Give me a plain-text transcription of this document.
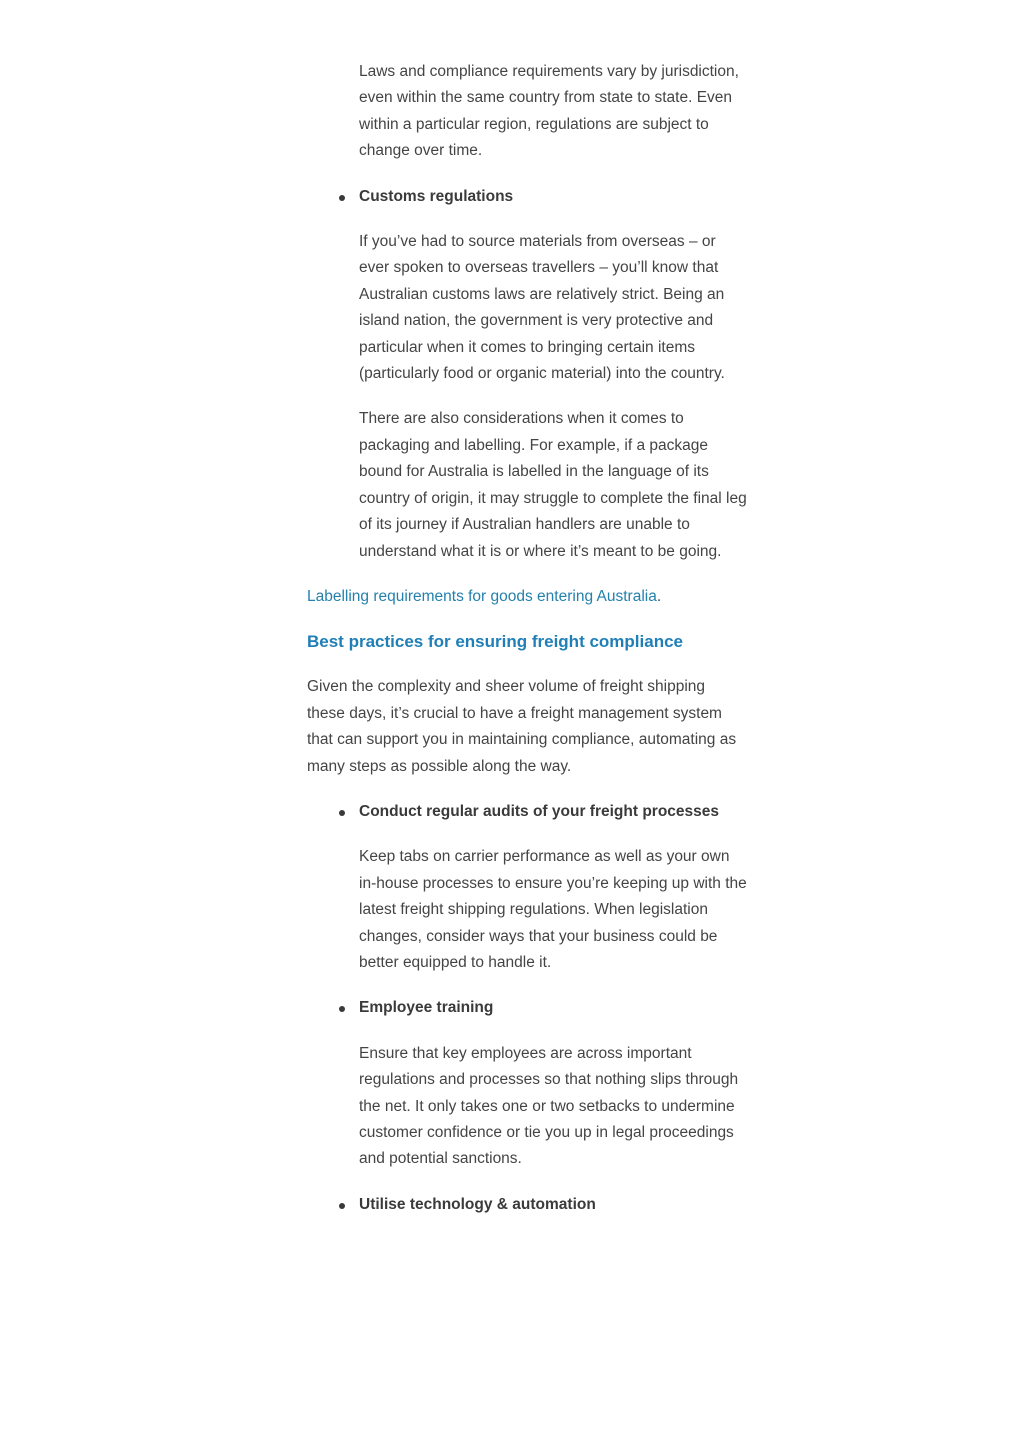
Laws and compliance requirements vary by jurisdiction, even within the same country from state to state. Even within a particular region, regulations are subject to change over time.

Customs regulations

If you’ve had to source materials from overseas – or ever spoken to overseas travellers – you’ll know that Australian customs laws are relatively strict. Being an island nation, the government is very protective and particular when it comes to bringing certain items (particularly food or organic material) into the country.

There are also considerations when it comes to packaging and labelling. For example, if a package bound for Australia is labelled in the language of its country of origin, it may struggle to complete the final leg of its journey if Australian handlers are unable to understand what it is or where it’s meant to be going.

Labelling requirements for goods entering Australia.

Best practices for ensuring freight compliance

Given the complexity and sheer volume of freight shipping these days, it’s crucial to have a freight management system that can support you in maintaining compliance, automating as many steps as possible along the way.

Conduct regular audits of your freight processes

Keep tabs on carrier performance as well as your own in-house processes to ensure you’re keeping up with the latest freight shipping regulations. When legislation changes, consider ways that your business could be better equipped to handle it.

Employee training

Ensure that key employees are across important regulations and processes so that nothing slips through the net. It only takes one or two setbacks to undermine customer confidence or tie you up in legal proceedings and potential sanctions.

Utilise technology & automation
